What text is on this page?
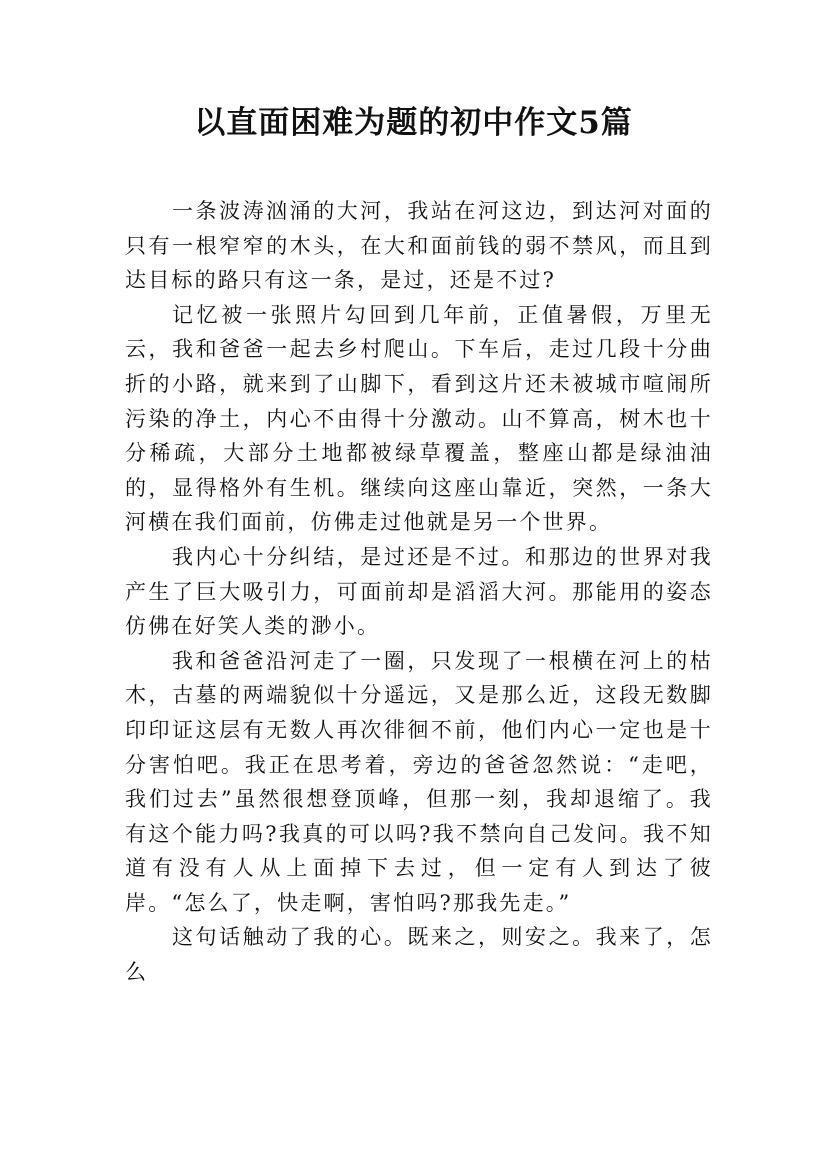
以直面困难为题的初中作文5篇

一条波涛汹涌的大河，我站在河这边，到达河对面的只有一根窄窄的木头，在大和面前钱的弱不禁风，而且到达目标的路只有这一条，是过，还是不过?

记忆被一张照片勾回到几年前，正值暑假，万里无云，我和爸爸一起去乡村爬山。下车后，走过几段十分曲折的小路，就来到了山脚下，看到这片还未被城市喧闹所污染的净土，内心不由得十分激动。山不算高，树木也十分稀疏，大部分土地都被绿草覆盖，整座山都是绿油油的，显得格外有生机。继续向这座山靠近，突然，一条大河横在我们面前，仿佛走过他就是另一个世界。

我内心十分纠结，是过还是不过。和那边的世界对我产生了巨大吸引力，可面前却是滔滔大河。那能用的姿态仿佛在好笑人类的渺小。

我和爸爸沿河走了一圈，只发现了一根横在河上的枯木，古墓的两端貌似十分遥远，又是那么近，这段无数脚印印证这层有无数人再次徘徊不前，他们内心一定也是十分害怕吧。我正在思考着，旁边的爸爸忽然说：“走吧，我们过去”虽然很想登顶峰，但那一刻，我却退缩了。我有这个能力吗?我真的可以吗?我不禁向自己发问。我不知道有没有人从上面掉下去过，但一定有人到达了彼岸。“怎么了，快走啊，害怕吗?那我先走。”

这句话触动了我的心。既来之，则安之。我来了，怎么
